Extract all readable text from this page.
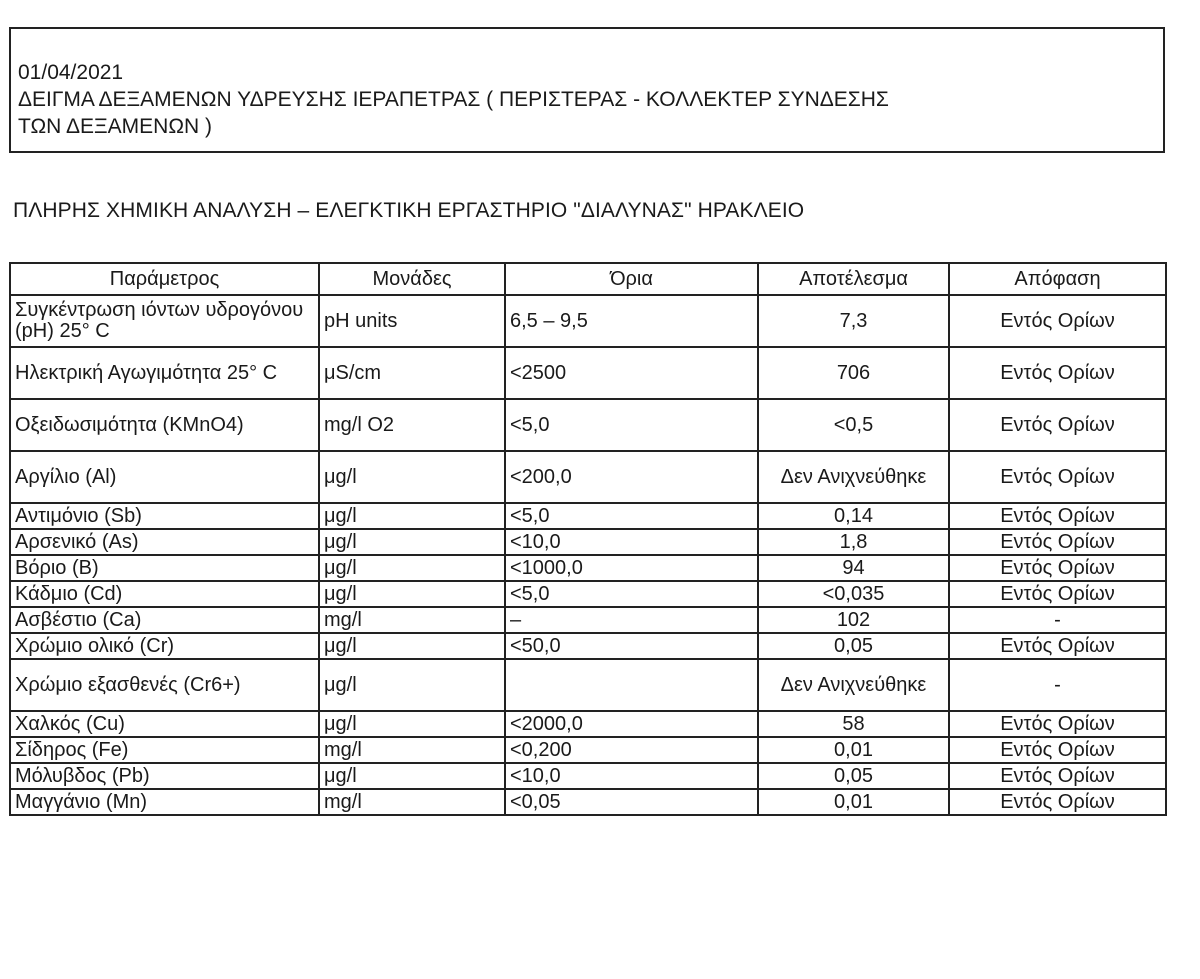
01/04/2021
ΔΕΙΓΜΑ ΔΕΞΑΜΕΝΩΝ ΥΔΡΕΥΣΗΣ ΙΕΡΑΠΕΤΡΑΣ ( ΠΕΡΙΣΤΕΡΑΣ - ΚΟΛΛΕΚΤΕΡ ΣΥΝΔΕΣΗΣ
ΤΩΝ ΔΕΞΑΜΕΝΩΝ )
ΠΛΗΡΗΣ ΧΗΜΙΚΗ ΑΝΑΛΥΣΗ – ΕΛΕΓΚΤΙΚΗ ΕΡΓΑΣΤΗΡΙΟ "ΔΙΑΛΥΝΑΣ" ΗΡΑΚΛΕΙΟ
Παράμετρος	Μονάδες	Όρια	Αποτέλεσμα	Απόφαση
Συγκέντρωση ιόντων υδρογόνου (pH) 25° C	pH units	6,5 – 9,5	7,3	Εντός Ορίων
Ηλεκτρική Αγωγιμότητα 25° C	μS/cm	<2500	706	Εντός Ορίων
Οξειδωσιμότητα (KMnO4)	mg/l O2	<5,0	<0,5	Εντός Ορίων
Αργίλιο (Al)	μg/l	<200,0	Δεν Ανιχνεύθηκε	Εντός Ορίων
Αντιμόνιο (Sb)	μg/l	<5,0	0,14	Εντός Ορίων
Αρσενικό (As)	μg/l	<10,0	1,8	Εντός Ορίων
Βόριο (B)	μg/l	<1000,0	94	Εντός Ορίων
Κάδμιο (Cd)	μg/l	<5,0	<0,035	Εντός Ορίων
Ασβέστιο (Ca)	mg/l	–	102	-
Χρώμιο ολικό (Cr)	μg/l	<50,0	0,05	Εντός Ορίων
Χρώμιο εξασθενές (Cr6+)	μg/l		Δεν Ανιχνεύθηκε	-
Χαλκός (Cu)	μg/l	<2000,0	58	Εντός Ορίων
Σίδηρος (Fe)	mg/l	<0,200	0,01	Εντός Ορίων
Μόλυβδος (Pb)	μg/l	<10,0	0,05	Εντός Ορίων
Μαγγάνιο (Mn)	mg/l	<0,05	0,01	Εντός Ορίων
